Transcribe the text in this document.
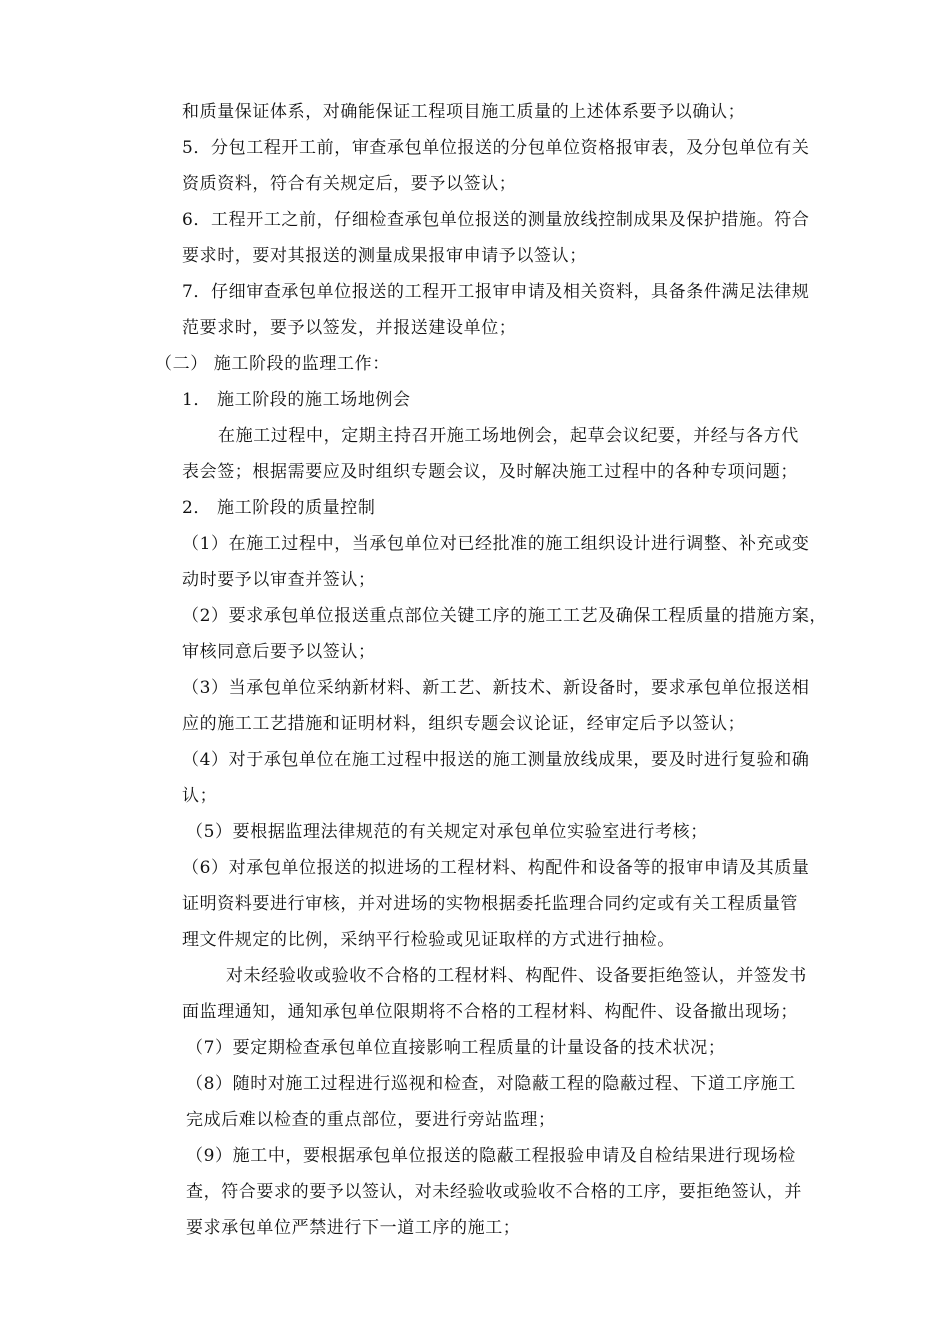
和质量保证体系，对确能保证工程项目施工质量的上述体系要予以确认；
5．分包工程开工前，审查承包单位报送的分包单位资格报审表，及分包单位有关
资质资料，符合有关规定后，要予以签认；
6．工程开工之前，仔细检查承包单位报送的测量放线控制成果及保护措施。符合
要求时，要对其报送的测量成果报审申请予以签认；
7．仔细审查承包单位报送的工程开工报审申请及相关资料，具备条件满足法律规
范要求时，要予以签发，并报送建设单位；
（二） 施工阶段的监理工作：
1． 施工阶段的施工场地例会
在施工过程中，定期主持召开施工场地例会，起草会议纪要，并经与各方代
表会签；根据需要应及时组织专题会议，及时解决施工过程中的各种专项问题；
2． 施工阶段的质量控制
（1）在施工过程中，当承包单位对已经批准的施工组织设计进行调整、补充或变
动时要予以审查并签认；
（2）要求承包单位报送重点部位关键工序的施工工艺及确保工程质量的措施方案，
审核同意后要予以签认；
（3）当承包单位采纳新材料、新工艺、新技术、新设备时，要求承包单位报送相
应的施工工艺措施和证明材料，组织专题会议论证，经审定后予以签认；
（4）对于承包单位在施工过程中报送的施工测量放线成果，要及时进行复验和确
认；
（5）要根据监理法律规范的有关规定对承包单位实验室进行考核；
（6）对承包单位报送的拟进场的工程材料、构配件和设备等的报审申请及其质量
证明资料要进行审核，并对进场的实物根据委托监理合同约定或有关工程质量管
理文件规定的比例，采纳平行检验或见证取样的方式进行抽检。
对未经验收或验收不合格的工程材料、构配件、设备要拒绝签认，并签发书
面监理通知，通知承包单位限期将不合格的工程材料、构配件、设备撤出现场；
（7）要定期检查承包单位直接影响工程质量的计量设备的技术状况；
（8）随时对施工过程进行巡视和检查，对隐蔽工程的隐蔽过程、下道工序施工
完成后难以检查的重点部位，要进行旁站监理；
（9）施工中，要根据承包单位报送的隐蔽工程报验申请及自检结果进行现场检
查，符合要求的要予以签认，对未经验收或验收不合格的工序，要拒绝签认，并
要求承包单位严禁进行下一道工序的施工；
